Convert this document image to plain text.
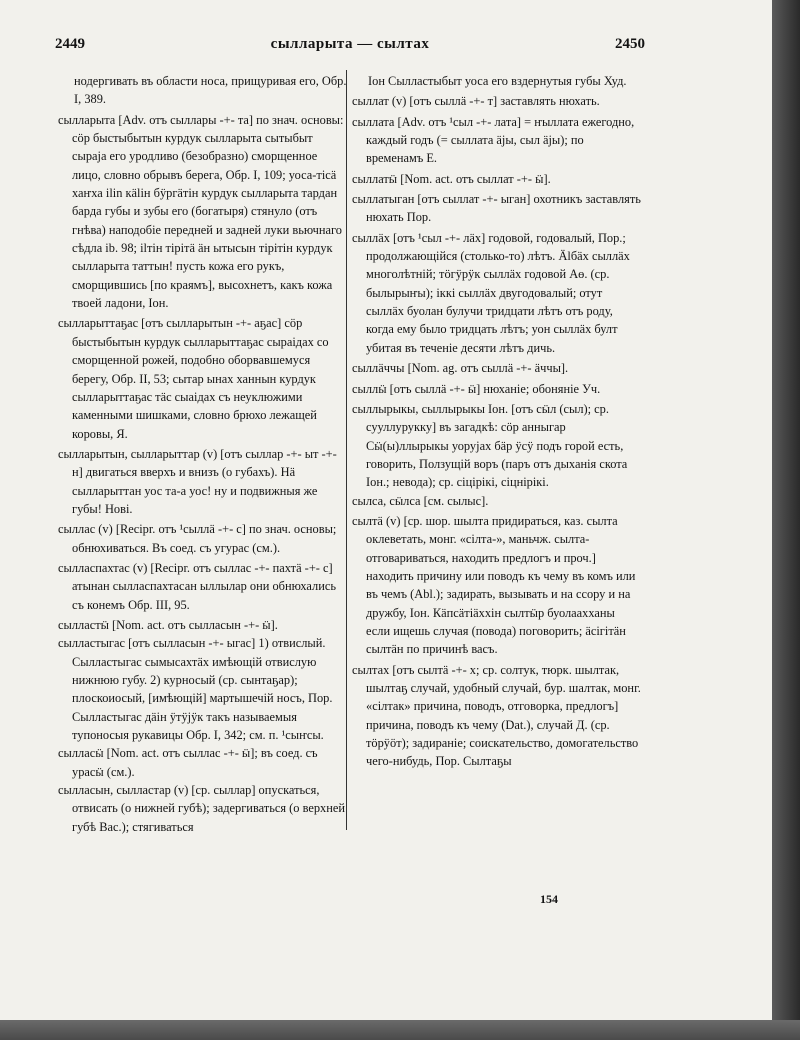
2449	сылларыта — сылтах	2450

нодергивать въ области носа, прищуривая его, Обр. I, 389.

сылларыта [Adv. отъ сыллары -+- та] по знач. основы: сӧр быстыбытын курдук сылларыта сытыбыт сыраја его уродливо (безобразно) сморщенное лицо, словно обрывъ берега, Обр. I, 109; уоса-тісӓ хаҥха ilin кӓlін бӱргӓтін курдук сылларыта тардан барда губы и зубы его (богатыря) стянуло (отъ гнѣва) наподобіе передней и задней луки вьючнаго сѣдла ib. 98; іlтін тірітӓ ӓн ытысын тірітін курдук сылларыта таттын! пусть кожа его рукъ, сморщившись [по краямъ], высохнетъ, какъ кожа твоей ладони, Іон.

сылларыттаҕас [отъ сылларытын -+- аҕас] сӧр быстыбытын курдук сылларыттаҕас сыраідах со сморщенной рожей, подобно оборвавшемуся берегу, Обр. II, 53; сытар ынах ханнын курдук сылларыттаҕас тӓс сыаідах съ неуклюжими каменными шишками, словно брюхо лежащей коровы, Я.

сылларытын, сылларыттар (v) [отъ сыллар -+- ыт -+- н] двигаться вверхъ и внизъ (о губахъ). Нӓ сылларыттан уос та-а уос! ну и подвижныя же губы! Нові.

сыллас (v) [Recipr. отъ ¹сыллӓ -+- с] по знач. основы; обнюхиваться. Въ соед. съ угурас (см.).

сылласпахтас (v) [Recipr. отъ сыллас -+- пахтӓ -+- с] атынан сылласпахтасан ыллылар они обнюхались съ конемъ Обр. III, 95.

сылластӹ [Nom. act. отъ сылласын -+- ӹ].

сылластыгас [отъ сылласын -+- ыгас] 1) отвислый. Сылластыгас сымысахтӓх имѣющій отвислую нижнюю губу. 2) курносый (ср. сынтаҕар); плоскоиосый, [имѣющій] мартышечій носъ, Пор. Сылластыгас дӓін ӱтӱјӱк такъ называемыя тупоносыя рукавицы Обр. I, 342; см. п. ¹сыҥсы.

сылласӹ [Nom. act. отъ сыллас -+- ӹ]; въ соед. съ урасӹ (см.).

сылласын, сылластар (v) [ср. сыллар] опускаться, отвисать (о нижней губѣ); задергиваться (о верхней губѣ Вас.); стягиваться

Іон Сылластыбыт уоса его вздернутыя губы Худ.

сыллат (v) [отъ сыллӓ -+- т] заставлять нюхать.

сыллата [Adv. отъ ¹сыл -+- лата] = ҥыллата ежегодно, каждый годъ (= сыллата ӓјы, сыл ӓјы); по временамъ Е.

сыллатӹ [Nom. act. отъ сыллат -+- ӹ].

сыллатыган [отъ сыллат -+- ыган] охотникъ заставлять нюхать Пор.

сыллӓх [отъ ¹сыл -+- лӓх] годовой, годовалый, Пор.; продолжающійся (столько-то) лѣтъ. Ӓlбӓх сыллӓх многолѣтній; тӧгӱрӱк сыллӓх годовой Аө. (ср. былырыҥы); іккі сыллӓх двугодовалый; отут сыллӓх буолан булучи тридцати лѣтъ отъ роду, когда ему было тридцать лѣтъ; уон сыллӓх булт убитая въ теченіе десяти лѣтъ дичь.

сыллӓччы [Nom. ag. отъ сыллӓ -+- ӓччы].

сыллӹ [отъ сыллӓ -+- ӹ] нюханіе; обоняніе Уч.

сыллырыкы, сыллырыкы Іон. [отъ сӹл (сыл); ср. сууллурукку] въ загадкѣ: сӧр анныгар Сӹ(ы)ллырыкы уоруjах бӓр ӱсӱ подъ горой есть, говорить, Ползущій воръ (паръ отъ дыханія скота Іон.; невода); ср. сіцірікі, сіцнірікі.

сылса, сӹлса [см. сылыс].

сылтӓ (v) [ср. шор. шылта придираться, каз. сылта оклеветать, монг. «сілта-», маньчж. сылта- отговариваться, находить предлогъ и проч.] находить причину или поводъ къ чему въ комъ или въ чемъ (Abl.); задирать, вызывать и на ссору и на дружбу, Іон. Кӓпсӓтіӓххін сылтӹр буолаахханы если ищешь случая (повода) поговорить; ӓсігітӓн сылтӓн по причинѣ васъ.

сылтах [отъ сылтӓ -+- х; ср. солтук, тюрк. шылтак, шылтаҕ случай, удобный случай, бур. шалтак, монг. «сілтак» причина, поводъ, отговорка, предлогъ] причина, поводъ къ чему (Dat.), случай Д. (ср. тӧрӱӧт); задираніе; соискательство, домогательство чего-нибудь, Пор. Сылтаҕы

154
